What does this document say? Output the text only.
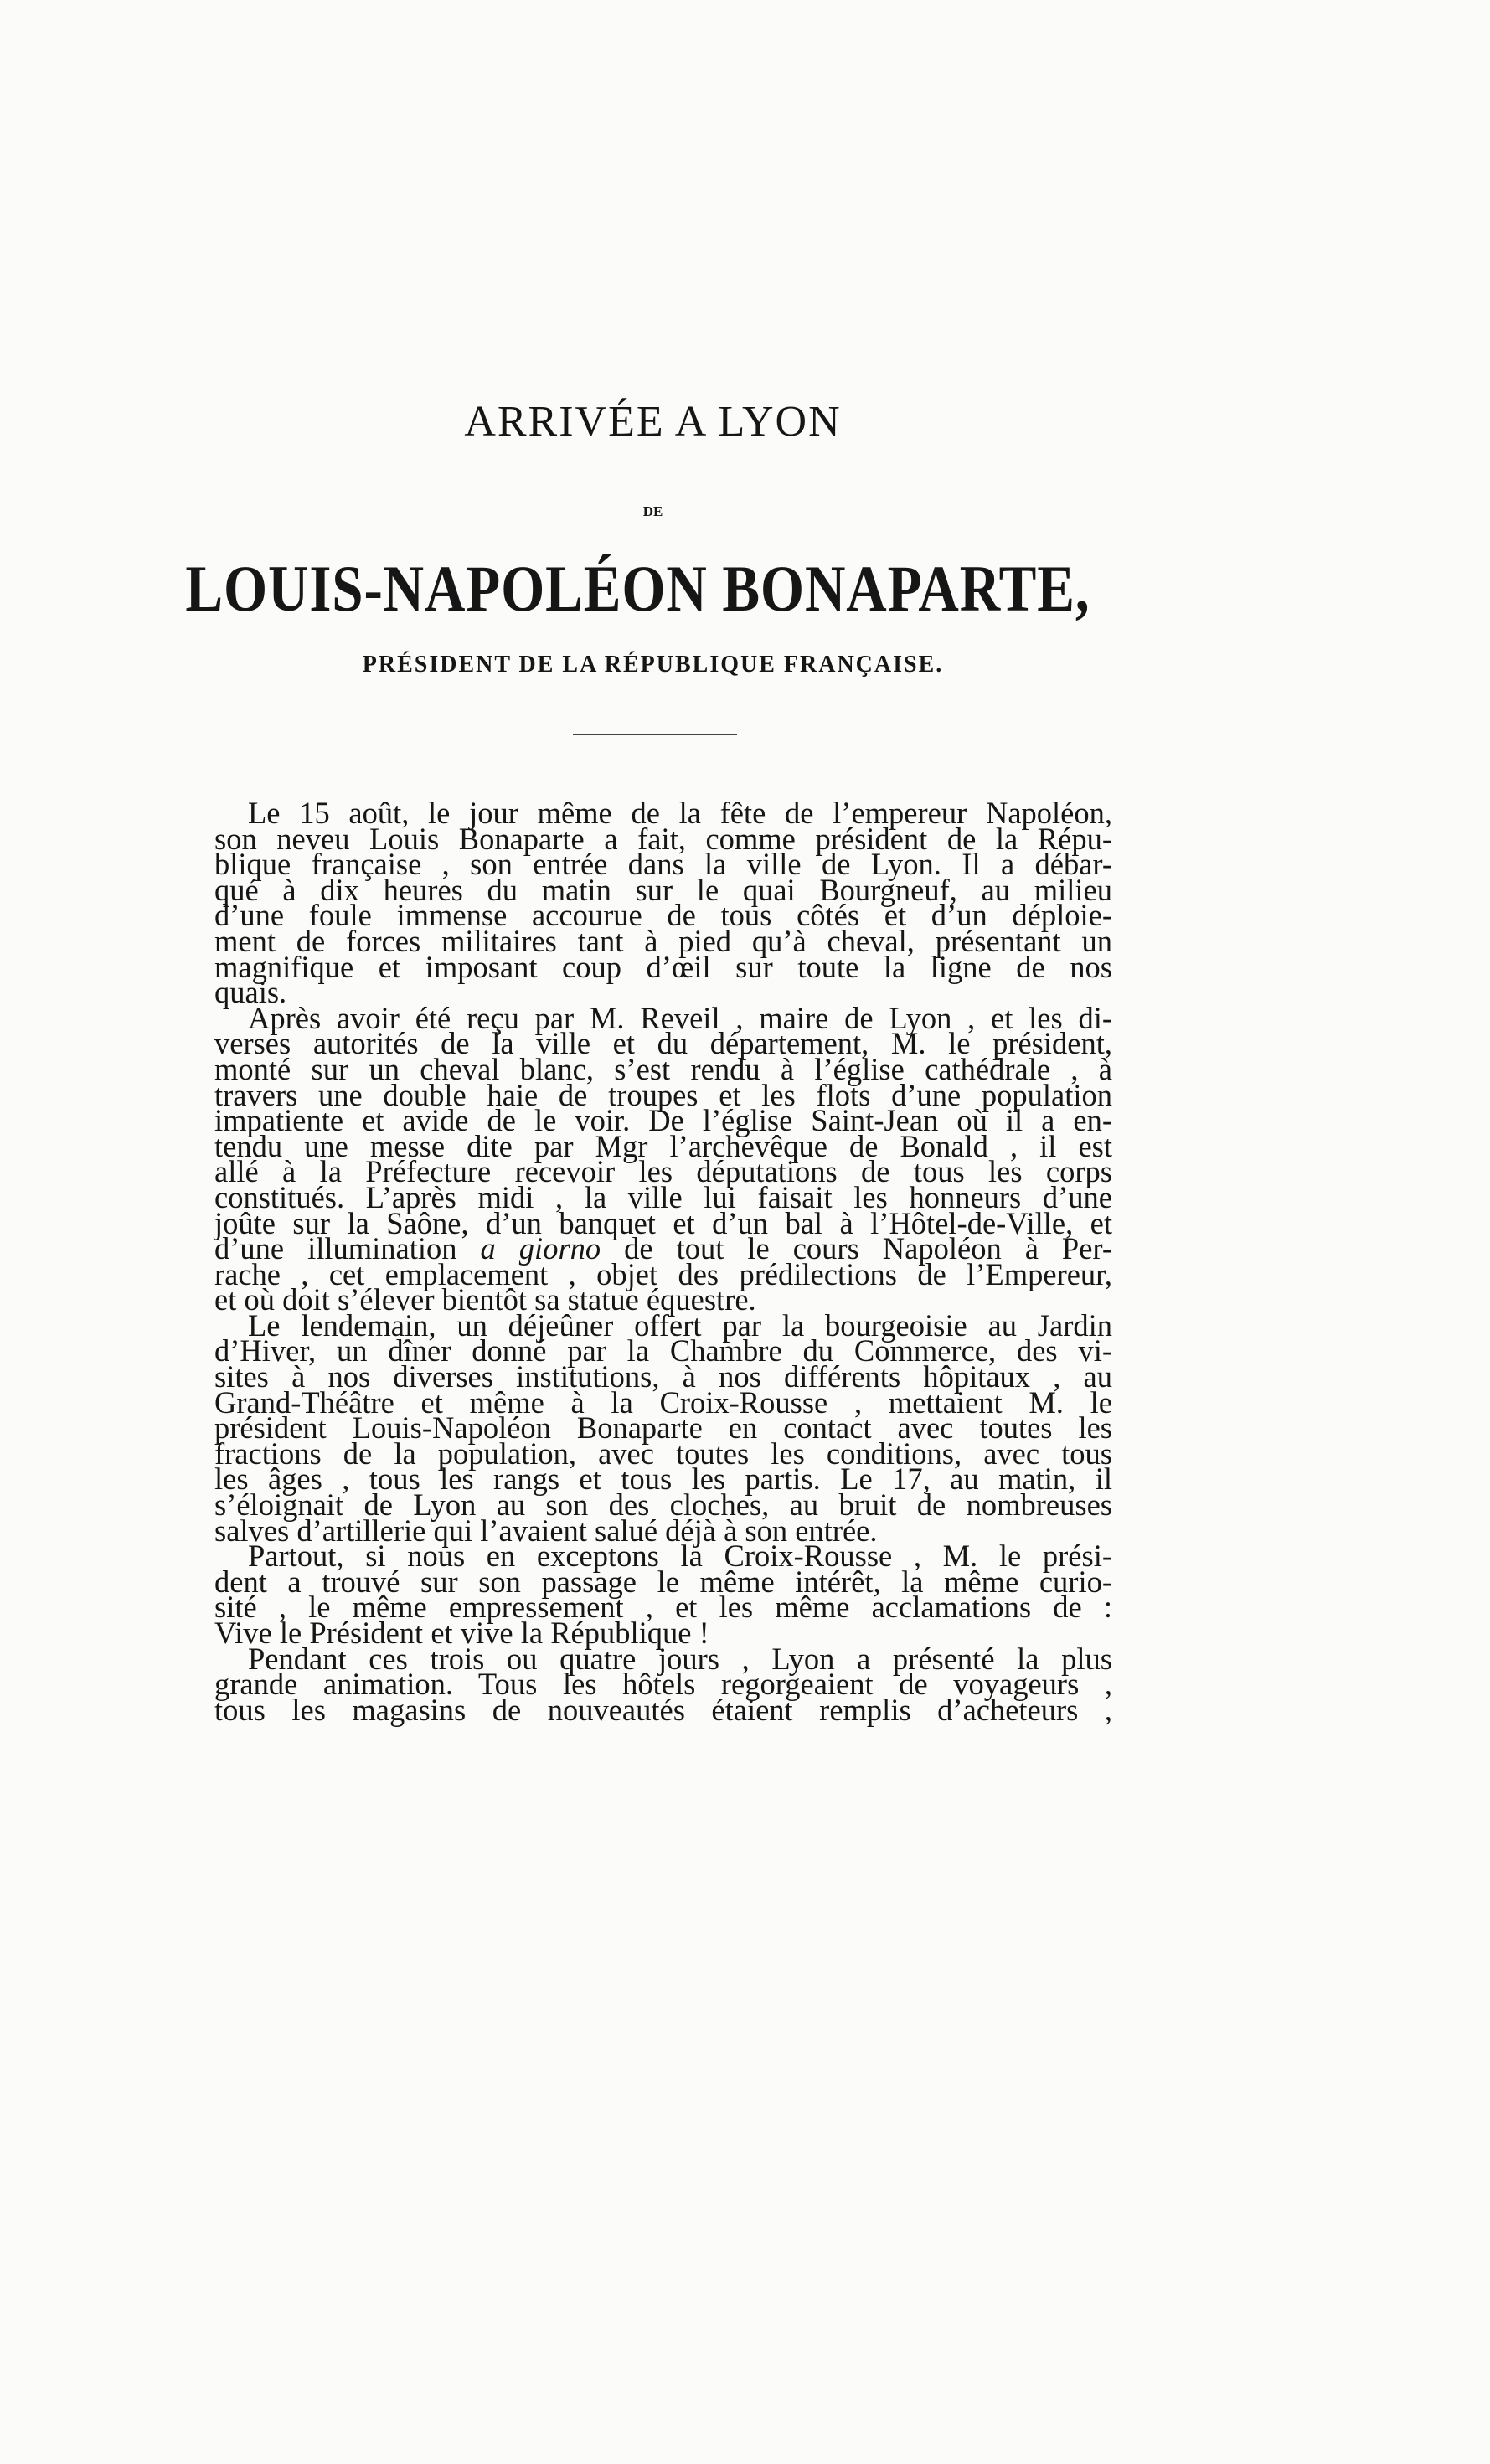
ARRIVÉE A LYON
DE
LOUIS-NAPOLÉON BONAPARTE,
PRÉSIDENT DE LA RÉPUBLIQUE FRANÇAISE.
Le 15 août, le jour même de la fête de l’empereur Napoléon,
son neveu Louis Bonaparte a fait, comme président de la Répu-
blique française , son entrée dans la ville de Lyon. Il a débar-
qué à dix heures du matin sur le quai Bourgneuf, au milieu
d’une foule immense accourue de tous côtés et d’un déploie-
ment de forces militaires tant à pied qu’à cheval, présentant un
magnifique et imposant coup d’œil sur toute la ligne de nos
quais.
Après avoir été reçu par M. Reveil , maire de Lyon , et les di-
verses autorités de la ville et du département, M. le président,
monté sur un cheval blanc, s’est rendu à l’église cathédrale , à
travers une double haie de troupes et les flots d’une population
impatiente et avide de le voir. De l’église Saint-Jean où il a en-
tendu une messe dite par Mgr l’archevêque de Bonald , il est
allé à la Préfecture recevoir les députations de tous les corps
constitués. L’après midi , la ville lui faisait les honneurs d’une
joûte sur la Saône, d’un banquet et d’un bal à l’Hôtel-de-Ville, et
d’une illumination a giorno de tout le cours Napoléon à Per-
rache , cet emplacement , objet des prédilections de l’Empereur,
et où doit s’élever bientôt sa statue équestre.
Le lendemain, un déjeûner offert par la bourgeoisie au Jardin
d’Hiver, un dîner donné par la Chambre du Commerce, des vi-
sites à nos diverses institutions, à nos différents hôpitaux , au
Grand-Théâtre et même à la Croix-Rousse , mettaient M. le
président Louis-Napoléon Bonaparte en contact avec toutes les
fractions de la population, avec toutes les conditions, avec tous
les âges , tous les rangs et tous les partis. Le 17, au matin, il
s’éloignait de Lyon au son des cloches, au bruit de nombreuses
salves d’artillerie qui l’avaient salué déjà à son entrée.
Partout, si nous en exceptons la Croix-Rousse , M. le prési-
dent a trouvé sur son passage le même intérêt, la même curio-
sité , le même empressement , et les même acclamations de :
Vive le Président et vive la République !
Pendant ces trois ou quatre jours , Lyon a présenté la plus
grande animation. Tous les hôtels regorgeaient de voyageurs ,
tous les magasins de nouveautés étaient remplis d’acheteurs ,
